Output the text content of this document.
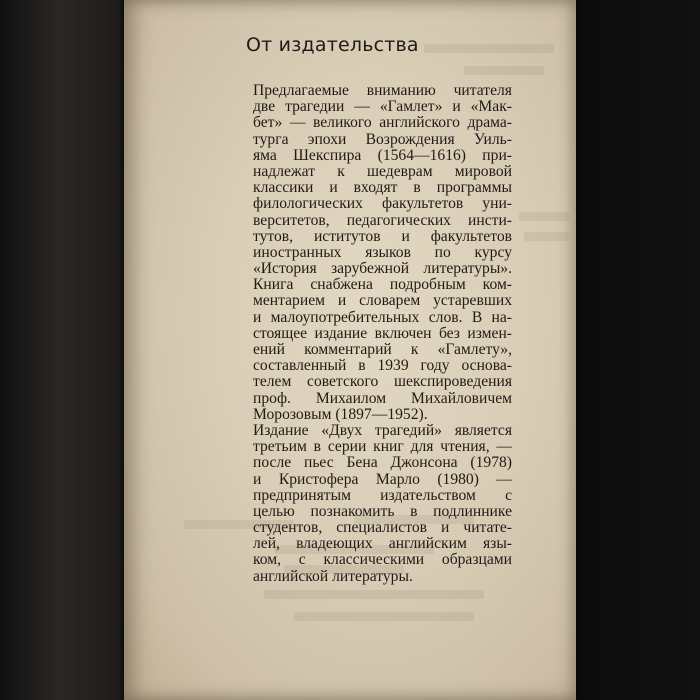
От издательства
Предлагаемые вниманию читателя
две трагедии — «Гамлет» и «Мак-
бет» — великого английского драма-
турга эпохи Возрождения Уиль-
яма Шекспира (1564—1616) при-
надлежат к шедеврам мировой
классики и входят в программы
филологических факультетов уни-
верситетов, педагогических инсти-
тутов, иститутов и факультетов
иностранных языков по курсу
«История зарубежной литературы».
Книга снабжена подробным ком-
ментарием и словарем устаревших
и малоупотребительных слов. В на-
стоящее издание включен без измен-
ений комментарий к «Гамлету»,
составленный в 1939 году основа-
телем советского шекспироведения
проф. Михаилом Михайловичем
Морозовым (1897—1952).
Издание «Двух трагедий» является
третьим в серии книг для чтения, —
после пьес Бена Джонсона (1978)
и Кристофера Марло (1980) —
предпринятым издательством с
целью познакомить в подлиннике
студентов, специалистов и читате-
лей, владеющих английским язы-
ком, с классическими образцами
английской литературы.
